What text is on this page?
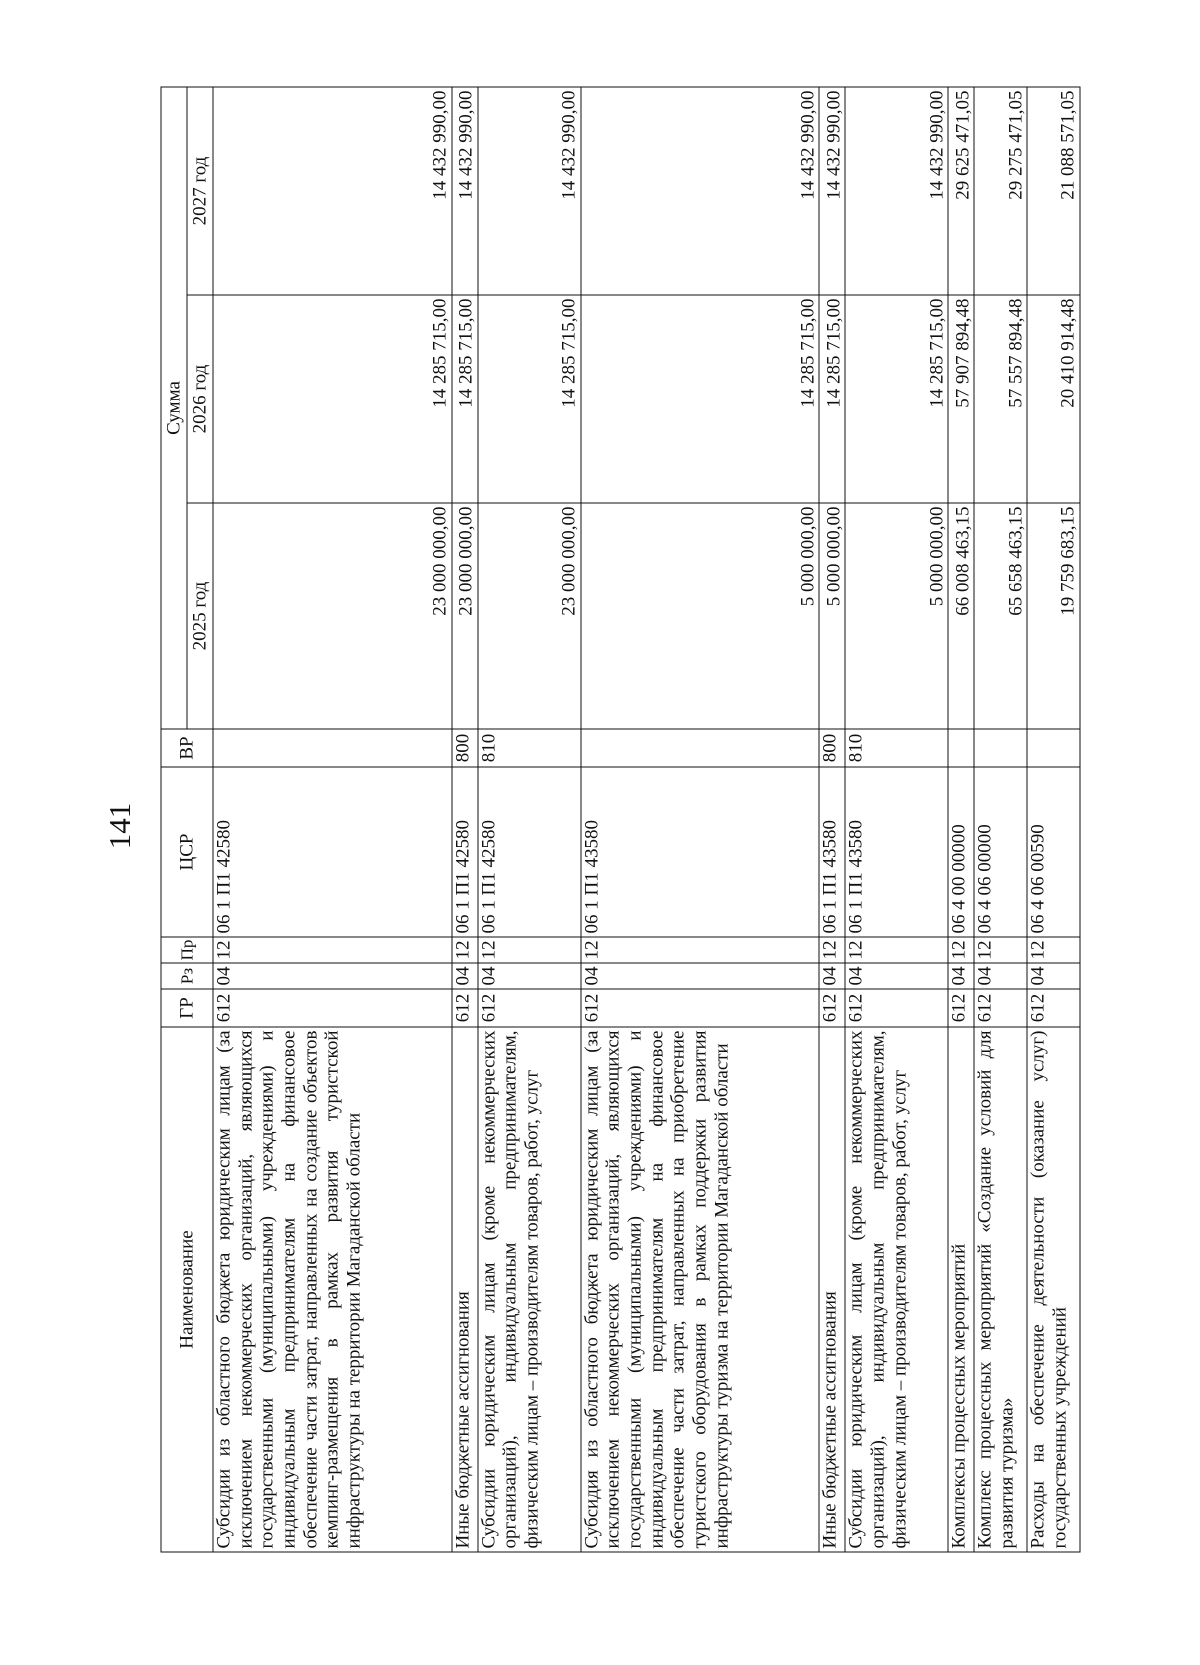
141
Наименование	ГР	Рз	Пр	ЦСР	ВР	Сумма		
						2025 год	2026 год	2027 год
Субсидии из областного бюджета юридическим лицам (за исключением некоммерческих организаций, являющихся государственными (муниципальными) учреждениями) и индивидуальным предпринимателям на финансовое обеспечение части затрат, направленных на создание объектов кемпинг-размещения в рамках развития туристской инфраструктуры на территории Магаданской области	612	04	12	06 1 П1 42580		23 000 000,00	14 285 715,00	14 432 990,00
Иные бюджетные ассигнования	612	04	12	06 1 П1 42580	800	23 000 000,00	14 285 715,00	14 432 990,00
Субсидии юридическим лицам (кроме некоммерческих организаций), индивидуальным предпринимателям, физическим лицам – производителям товаров, работ, услуг	612	04	12	06 1 П1 42580	810	23 000 000,00	14 285 715,00	14 432 990,00
Субсидия из областного бюджета юридическим лицам (за исключением некоммерческих организаций, являющихся государственными (муниципальными) учреждениями) и индивидуальным предпринимателям на финансовое обеспечение части затрат, направленных на приобретение туристского оборудования в рамках поддержки развития инфраструктуры туризма на территории Магаданской области	612	04	12	06 1 П1 43580		5 000 000,00	14 285 715,00	14 432 990,00
Иные бюджетные ассигнования	612	04	12	06 1 П1 43580	800	5 000 000,00	14 285 715,00	14 432 990,00
Субсидии юридическим лицам (кроме некоммерческих организаций), индивидуальным предпринимателям, физическим лицам – производителям товаров, работ, услуг	612	04	12	06 1 П1 43580	810	5 000 000,00	14 285 715,00	14 432 990,00
Комплексы процессных мероприятий	612	04	12	06 4 00 00000		66 008 463,15	57 907 894,48	29 625 471,05
Комплекс процессных мероприятий «Создание условий для развития туризма»	612	04	12	06 4 06 00000		65 658 463,15	57 557 894,48	29 275 471,05
Расходы на обеспечение деятельности (оказание услуг) государственных учреждений	612	04	12	06 4 06 00590		19 759 683,15	20 410 914,48	21 088 571,05
